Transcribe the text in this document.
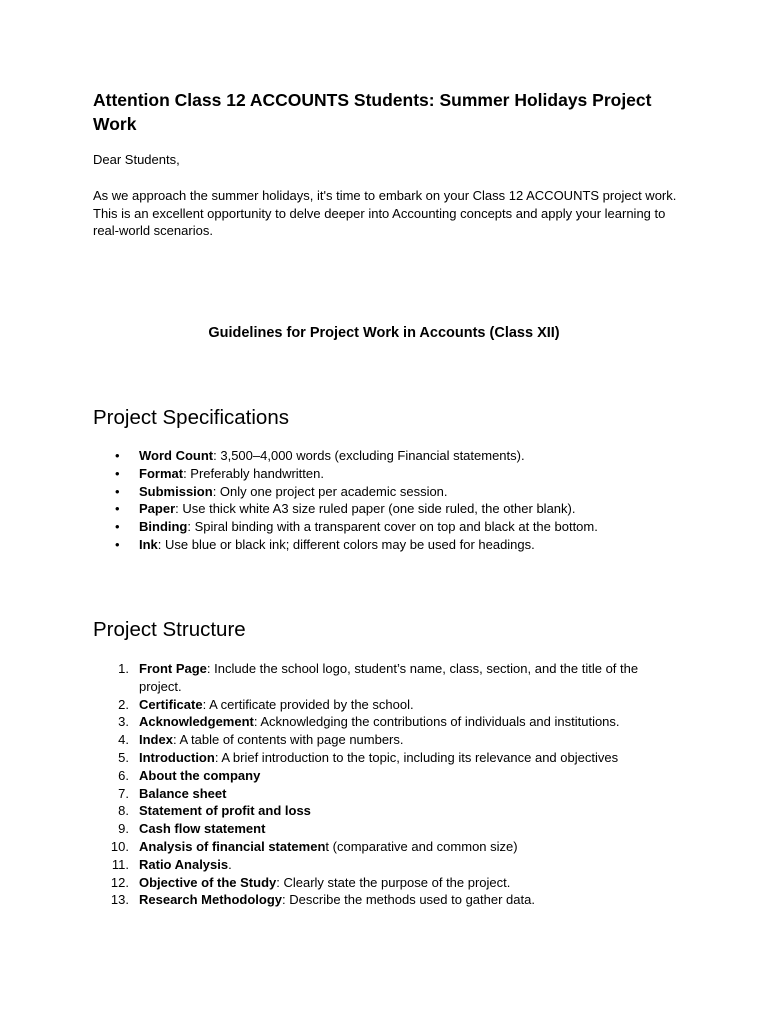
Attention Class 12 ACCOUNTS Students: Summer Holidays Project Work

Dear Students,

As we approach the summer holidays, it's time to embark on your Class 12 ACCOUNTS project work. This is an excellent opportunity to delve deeper into Accounting concepts and apply your learning to real-world scenarios.

Guidelines for Project Work in Accounts (Class XII)

Project Specifications
• Word Count: 3,500–4,000 words (excluding Financial statements).
• Format: Preferably handwritten.
• Submission: Only one project per academic session.
• Paper: Use thick white A3 size ruled paper (one side ruled, the other blank).
• Binding: Spiral binding with a transparent cover on top and black at the bottom.
• Ink: Use blue or black ink; different colors may be used for headings.
Project Structure
1. Front Page: Include the school logo, student’s name, class, section, and the title of the project.
2. Certificate: A certificate provided by the school.
3. Acknowledgement: Acknowledging the contributions of individuals and institutions.
4. Index: A table of contents with page numbers.
5. Introduction: A brief introduction to the topic, including its relevance and objectives
6. About the company
7. Balance sheet
8. Statement of profit and loss
9. Cash flow statement
10. Analysis of financial statement (comparative and common size)
11. Ratio Analysis.
12. Objective of the Study: Clearly state the purpose of the project.
13. Research Methodology: Describe the methods used to gather data.
